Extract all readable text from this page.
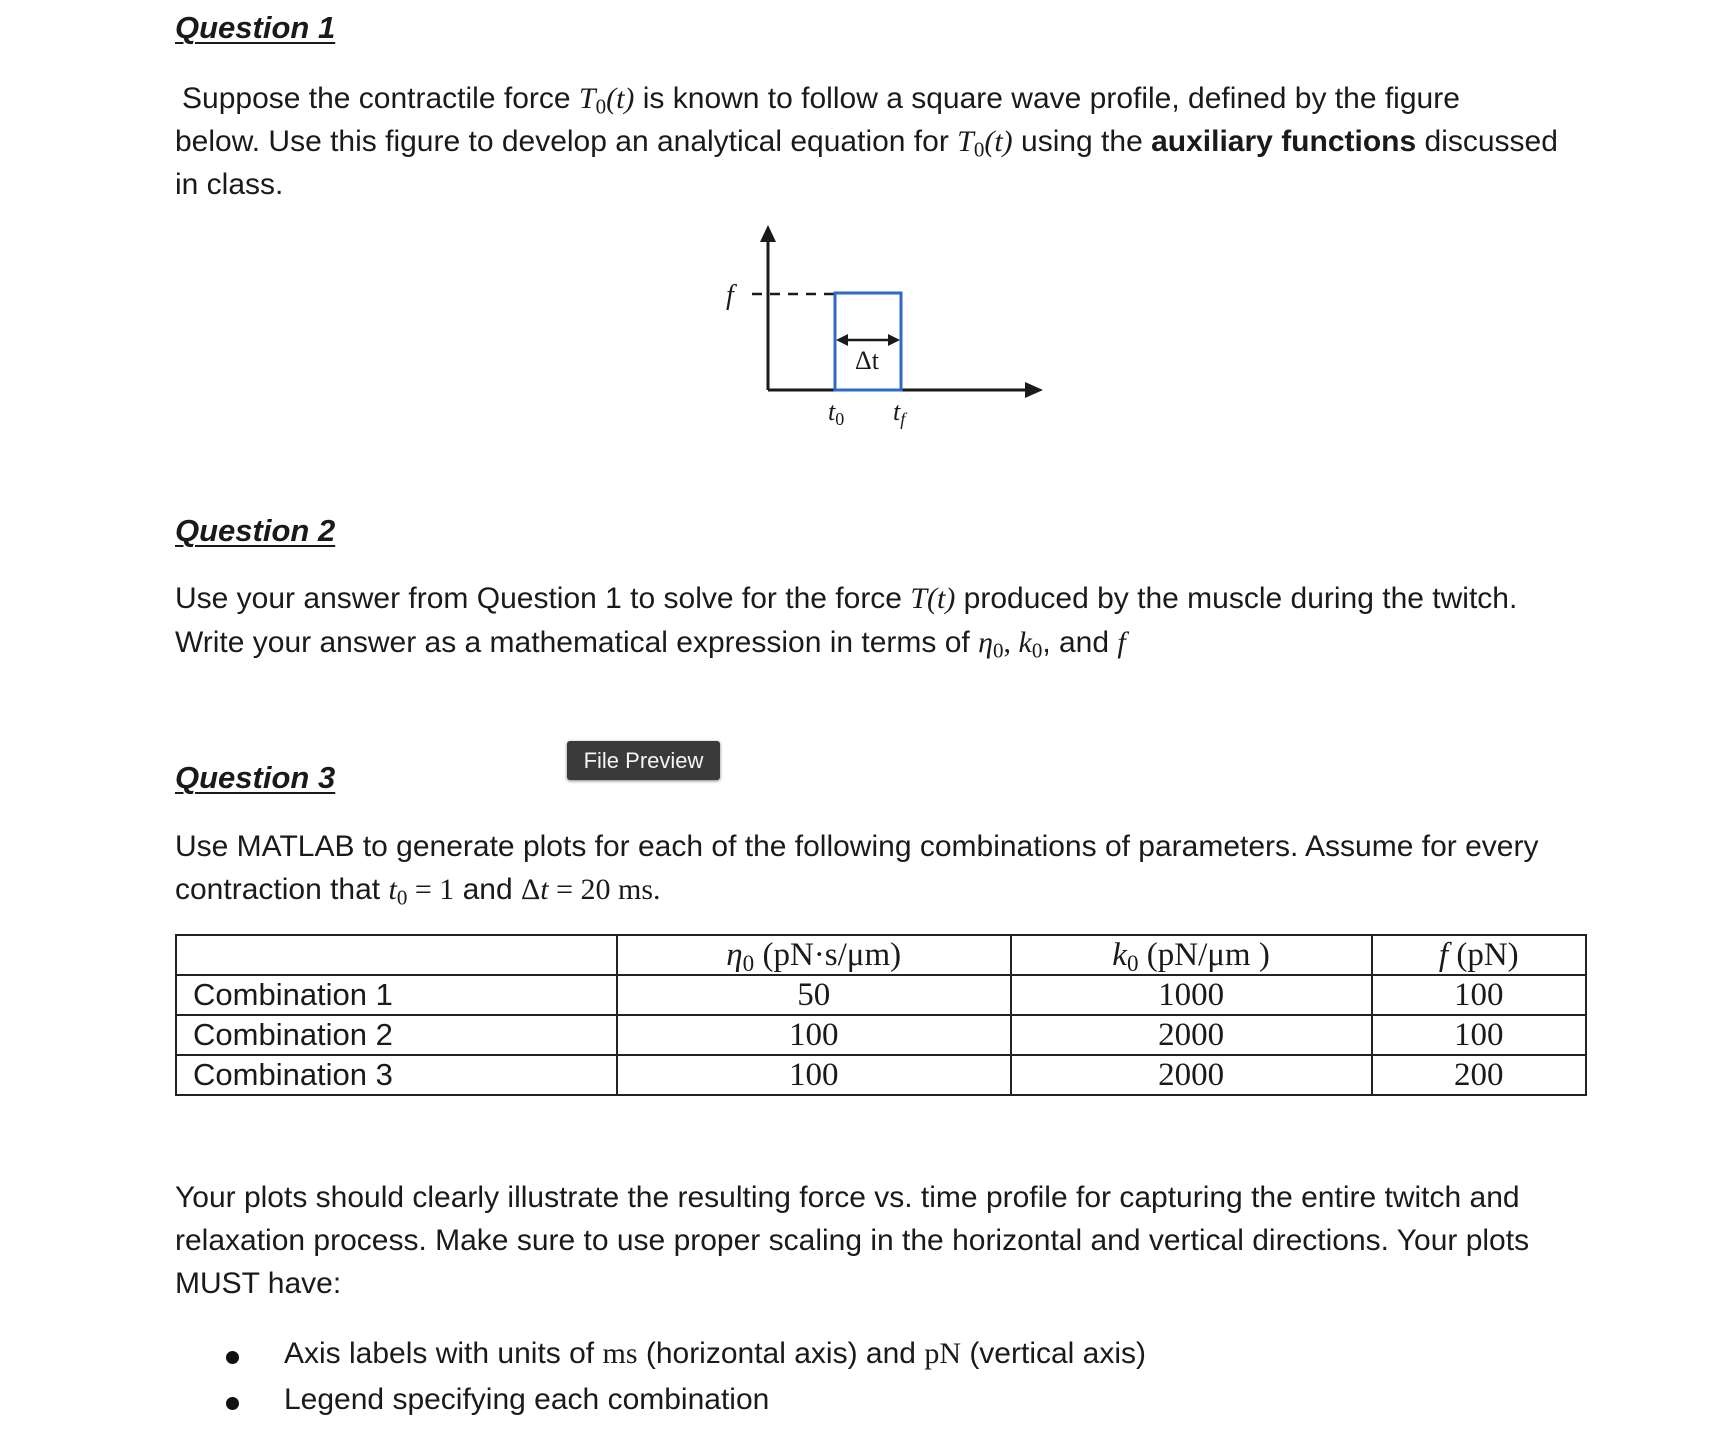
Question 1
Suppose the contractile force $T_0(t)$ is known to follow a square wave profile, defined by the figure
below. Use this figure to develop an analytical equation for $T_0(t)$ using the auxiliary functions discussed
in class.
f
Δt
t0 tf
Question 2
Use your answer from Question 1 to solve for the force T(t) produced by the muscle during the twitch.
Write your answer as a mathematical expression in terms of $\eta_0$, $k_0$, and f
File Preview
Question 3
Use MATLAB to generate plots for each of the following combinations of parameters. Assume for every
contraction that $t_0 = 1$ and Δt = 20 ms.
	$\eta_0$ (pN·s/μm)	$k_0$ (pN/μm )	f (pN)
Combination 1	50	1000	100
Combination 2	100	2000	100
Combination 3	100	2000	200
Your plots should clearly illustrate the resulting force vs. time profile for capturing the entire twitch and
relaxation process. Make sure to use proper scaling in the horizontal and vertical directions. Your plots
MUST have:
Axis labels with units of ms (horizontal axis) and pN (vertical axis)
Legend specifying each combination
